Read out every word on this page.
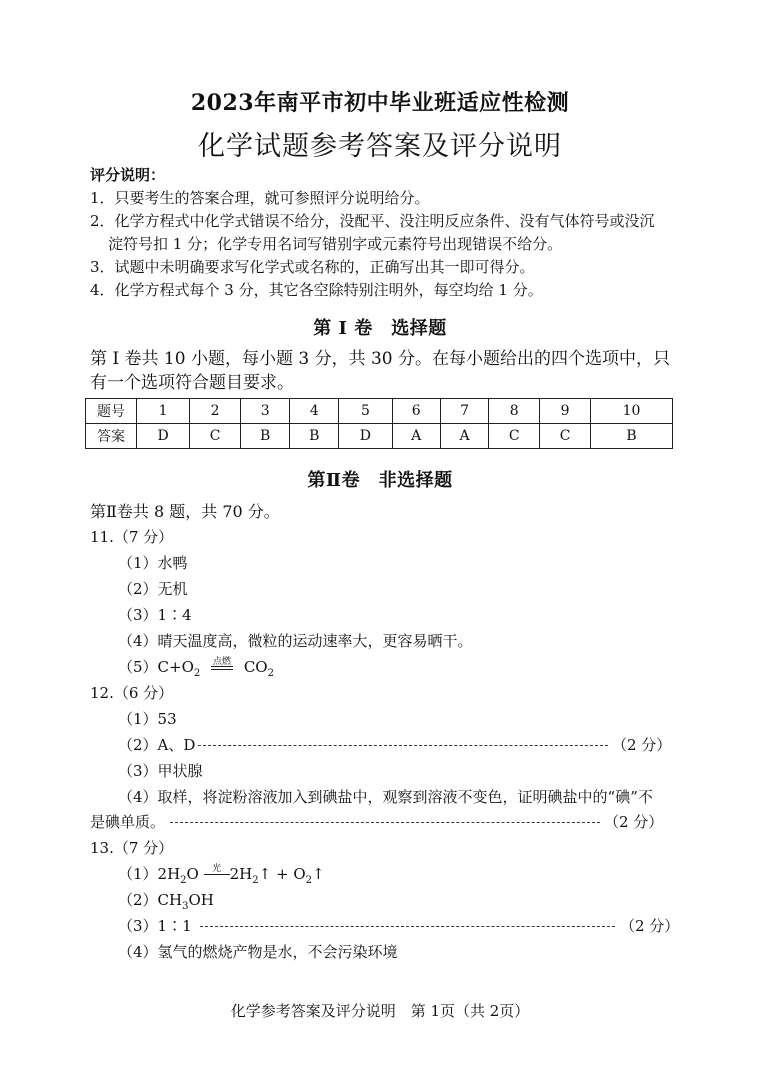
2023年南平市初中毕业班适应性检测
化学试题参考答案及评分说明
评分说明：
1．只要考生的答案合理，就可参照评分说明给分。
2．化学方程式中化学式错误不给分，没配平、没注明反应条件、没有气体符号或没沉
淀符号扣 1 分；化学专用名词写错别字或元素符号出现错误不给分。
3．试题中未明确要求写化学式或名称的，正确写出其一即可得分。
4．化学方程式每个 3 分，其它各空除特别注明外，每空均给 1 分。
第 I 卷　选择题
第 I 卷共 10 小题，每小题 3 分，共 30 分。在每小题给出的四个选项中，只
有一个选项符合题目要求。
题号	1	2	3	4	5	6	7	8	9	10
答案	D	C	B	B	D	A	A	C	C	B
第Ⅱ卷　非选择题
第Ⅱ卷共 8 题，共 70 分。
11.（7 分）
（1）水鸭
（2）无机
（3）1∶4
（4）晴天温度高，微粒的运动速率大，更容易晒干。
$(5)C+O_2$ $^{点燃}$ $CO_2$
12.（6 分）
（1）53
（2）A、D	（2 分）
（3）甲状腺
（4）取样，将淀粉溶液加入到碘盐中，观察到溶液不变色，证明碘盐中的“碘”不
是碘单质。	（2 分）
13.（7 分）
$(1)2H_2O$ $^光$ $2H_2↑$ + $O_2↑$
$(2)CH_3OH$
（3）1∶1	（2 分）
（4）氢气的燃烧产物是水，不会污染环境
化学参考答案及评分说明　第 1页（共 2页）
